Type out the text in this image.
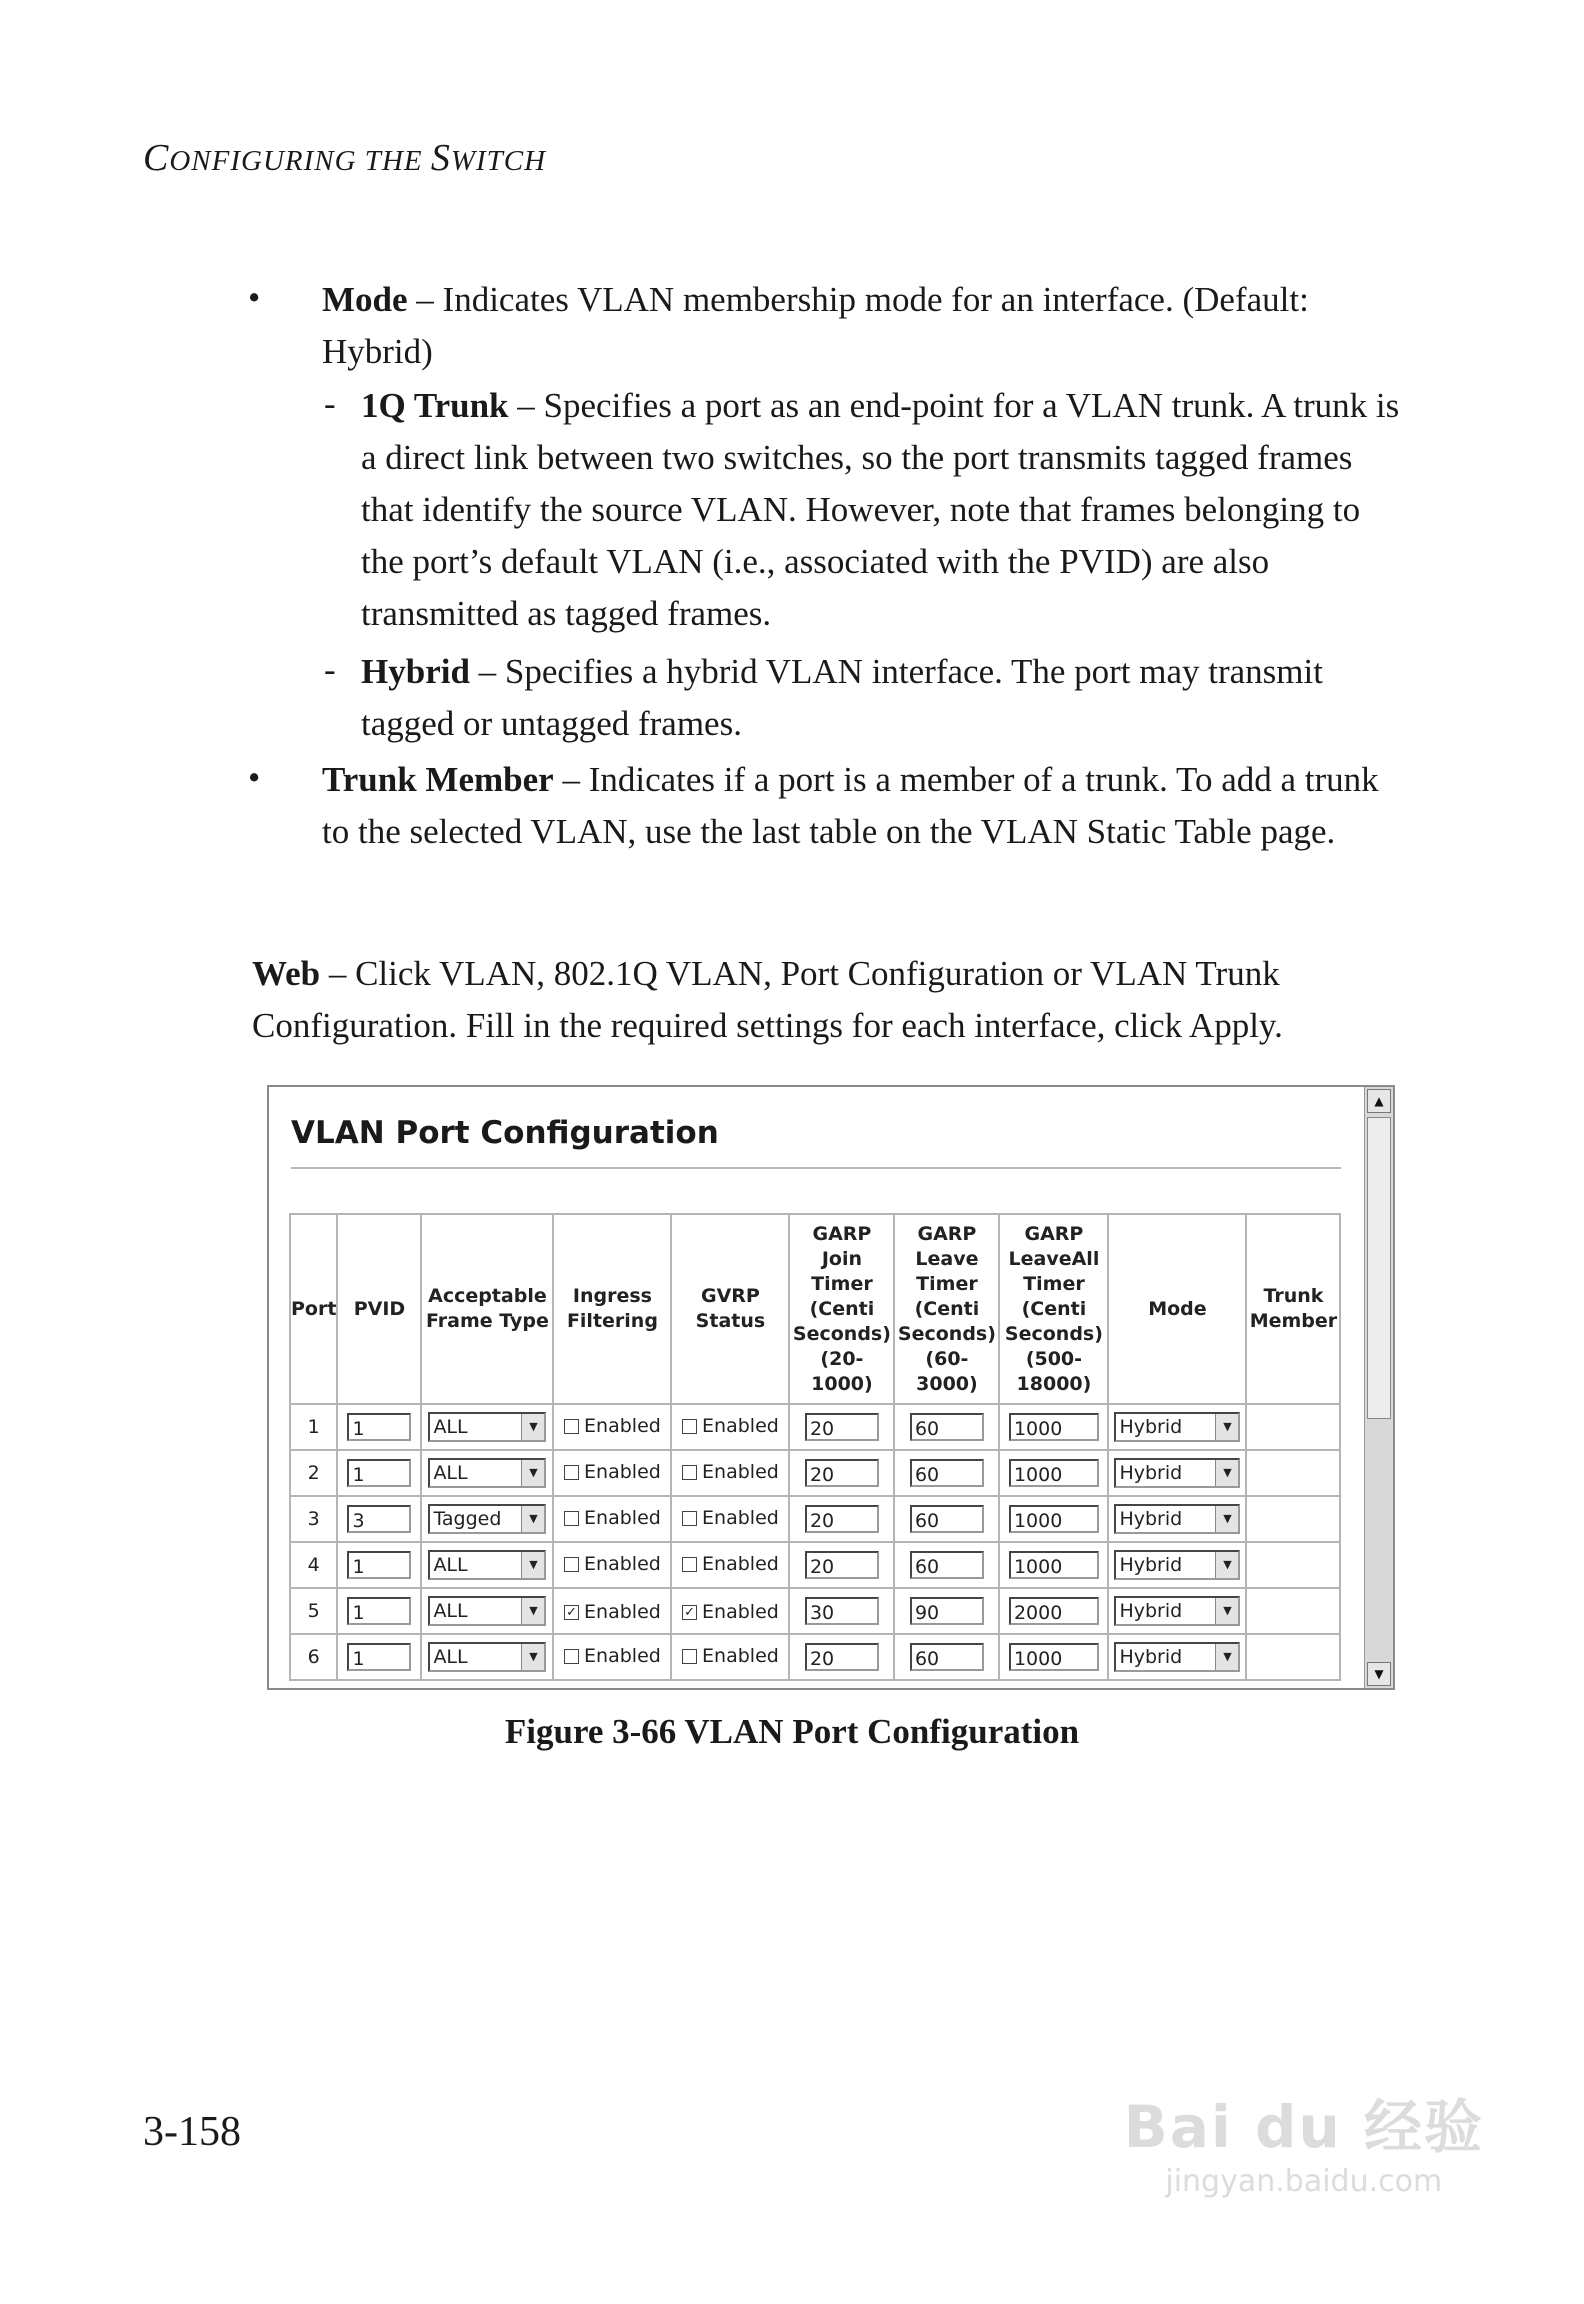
CONFIGURING THE SWITCH
• Mode – Indicates VLAN membership mode for an interface. (Default: Hybrid)
- 1Q Trunk – Specifies a port as an end-point for a VLAN trunk. A trunk is a direct link between two switches, so the port transmits tagged frames that identify the source VLAN. However, note that frames belonging to the port’s default VLAN (i.e., associated with the PVID) are also transmitted as tagged frames.
- Hybrid – Specifies a hybrid VLAN interface. The port may transmit tagged or untagged frames.
• Trunk Member – Indicates if a port is a member of a trunk. To add a trunk to the selected VLAN, use the last table on the VLAN Static Table page.
Web – Click VLAN, 802.1Q VLAN, Port Configuration or VLAN Trunk Configuration. Fill in the required settings for each interface, click Apply.
VLAN Port Configuration
Port	PVID	Acceptable Frame Type	Ingress Filtering	GVRP Status	GARP Join Timer (Centi Seconds) (20-1000)	GARP Leave Timer (Centi Seconds) (60-3000)	GARP LeaveAll Timer (Centi Seconds) (500-18000)	Mode	Trunk Member
1	1	ALL ▼	Enabled	Enabled	20	60	1000	Hybrid ▼	

2	1	ALL ▼	Enabled	Enabled	20	60	1000	Hybrid ▼	

3	3	Tagged ▼	Enabled	Enabled	20	60	1000	Hybrid ▼	

4	1	ALL ▼	Enabled	Enabled	20	60	1000	Hybrid ▼	

5	1	ALL ▼	✓ Enabled	✓ Enabled	30	90	2000	Hybrid ▼	

6	1	ALL ▼	Enabled	Enabled	20	60	1000	Hybrid ▼	

▲
▼
Figure 3-66 VLAN Port Configuration
3-158	Bai du 经验
jingyan.baidu.com
